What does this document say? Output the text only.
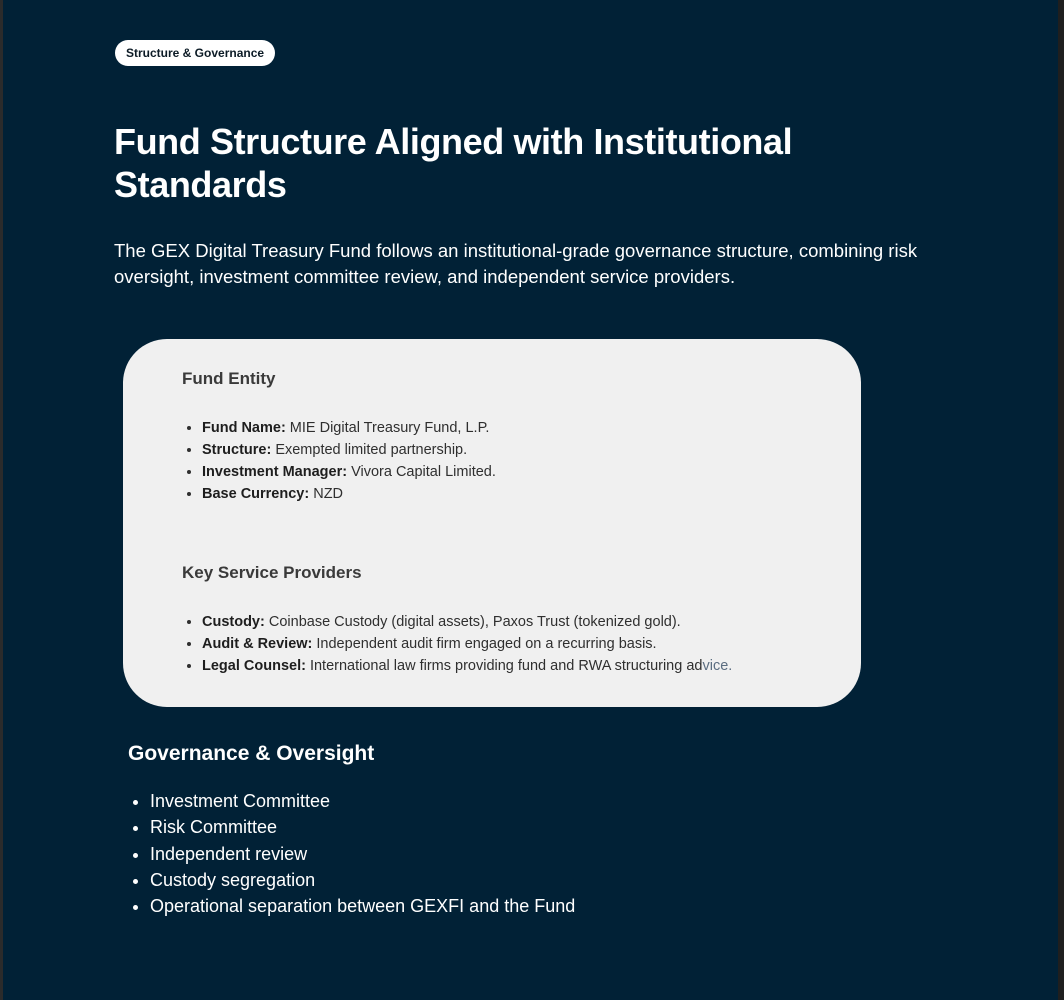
Structure & Governance
Fund Structure Aligned with Institutional Standards

The GEX Digital Treasury Fund follows an institutional-grade governance structure, combining risk oversight, investment committee review, and independent service providers.

Fund Entity
• Fund Name: MIE Digital Treasury Fund, L.P.
• Structure: Exempted limited partnership.
• Investment Manager: Vivora Capital Limited.
• Base Currency: NZD
Key Service Providers
• Custody: Coinbase Custody (digital assets), Paxos Trust (tokenized gold).
• Audit & Review: Independent audit firm engaged on a recurring basis.
• Legal Counsel: International law firms providing fund and RWA structuring advice.
Governance & Oversight
• Investment Committee
• Risk Committee
• Independent review
• Custody segregation
• Operational separation between GEXFI and the Fund
